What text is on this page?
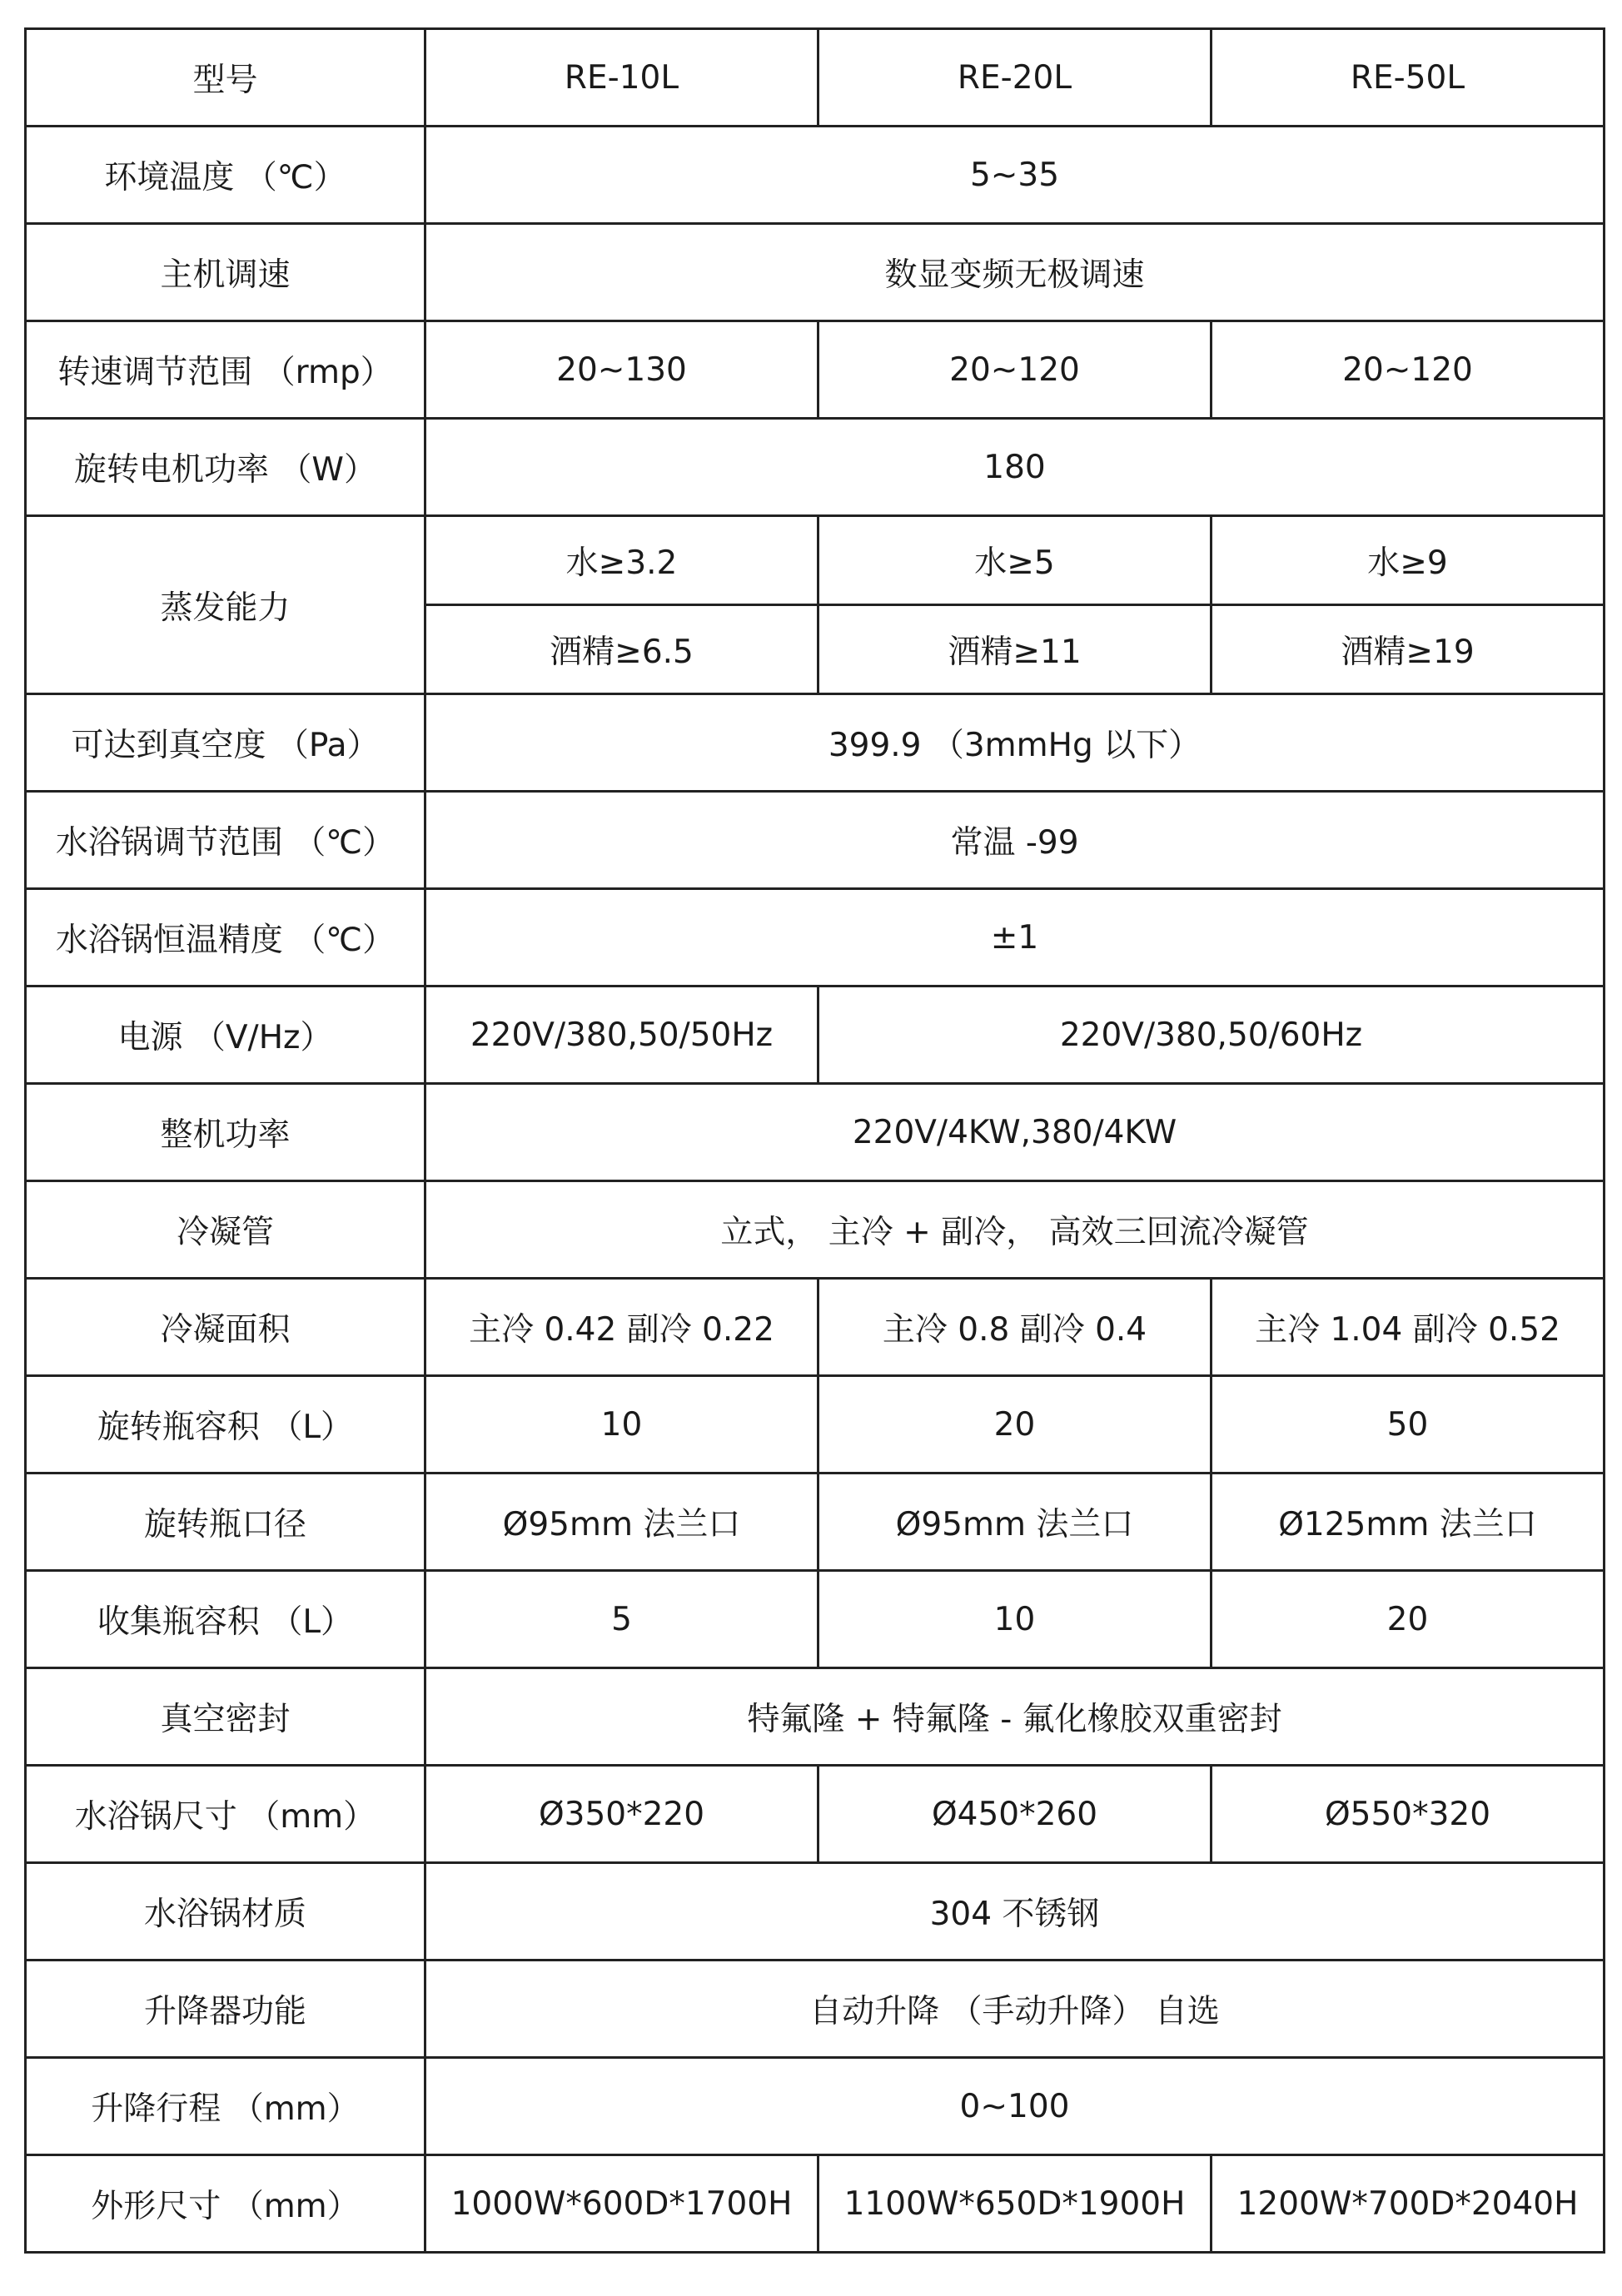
型号	RE-10L	RE-20L	RE-50L
环境温度 （℃）	5~35		
主机调速	数显变频无极调速		
转速调节范围 （rmp）	20~130	20~120	20~120
旋转电机功率 （W）	180		
蒸发能力	水≥3.2	水≥5	水≥9
	酒精≥6.5	酒精≥11	酒精≥19
可达到真空度 （Pa）	399.9 （3mmHg 以下）		
水浴锅调节范围 （℃）	常温 -99		
水浴锅恒温精度 （℃）	±1		
电源 （V/Hz）	220V/380,50/50Hz	220V/380,50/60Hz	
整机功率	220V/4KW,380/4KW		
冷凝管	立式， 主冷 + 副冷， 高效三回流冷凝管		
冷凝面积	主冷 0.42 副冷 0.22	主冷 0.8 副冷 0.4	主冷 1.04 副冷 0.52
旋转瓶容积 （L）	10	20	50
旋转瓶口径	Ø95mm 法兰口	Ø95mm 法兰口	Ø125mm 法兰口
收集瓶容积 （L）	5	10	20
真空密封	特氟隆 + 特氟隆 - 氟化橡胶双重密封		
水浴锅尺寸 （mm）	Ø350*220	Ø450*260	Ø550*320
水浴锅材质	304 不锈钢		
升降器功能	自动升降 （手动升降） 自选		
升降行程 （mm）	0~100		
外形尺寸 （mm）	1000W*600D*1700H	1100W*650D*1900H	1200W*700D*2040H
